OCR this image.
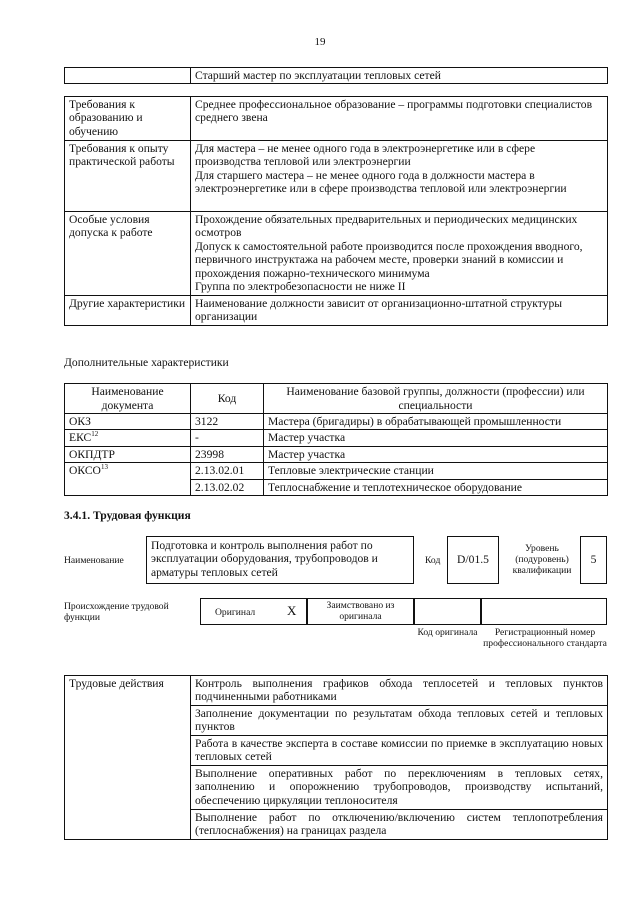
19
	Старший мастер по эксплуатации тепловых сетей
Требования к образованию и обучению	Среднее профессиональное образование – программы подготовки специалистов среднего звена

Требования к опыту практической работы	Для мастера – не менее одного года в электроэнергетике или в сфере производства тепловой или электроэнергии

Для старшего мастера – не менее одного года в должности мастера в электроэнергетике или в сфере производства тепловой или электроэнергии

Особые условия допуска к работе	Прохождение обязательных предварительных и периодических медицинских осмотров

Допуск к самостоятельной работе производится после прохождения вводного, первичного инструктажа на рабочем месте, проверки знаний в комиссии и прохождения пожарно-технического минимума

Группа по электробезопасности не ниже II

Другие характеристики	Наименование должности зависит от организационно-штатной структуры организации

Дополнительные характеристики
Наименование документа	Код	Наименование базовой группы, должности (профессии) или специальности
ОКЗ	3122	Мастера (бригадиры) в обрабатывающей промышленности
ЕКС$^{12}$	-	Мастер участка
ОКПДТР	23998	Мастер участка
ОКСО$^{13}$	2.13.02.01	Тепловые электрические станции
	2.13.02.02	Теплоснабжение и теплотехническое оборудование
3.4.1. Трудовая функция
Наименование
Подготовка и контроль выполнения работ по эксплуатации оборудования, трубопроводов и арматуры тепловых сетей
Код D/01.5
Уровень (подуровень) квалификации
5
Происхождение трудовой функции	Оригинал X	Заимствовано из оригинала
Код оригинала	Регистрационный номер профессионального стандарта
Трудовые действия	Контроль выполнения графиков обхода теплосетей и тепловых пунктов подчиненными работниками
Заполнение документации по результатам обхода тепловых сетей и тепловых пунктов
Работа в качестве эксперта в составе комиссии по приемке в эксплуатацию новых тепловых сетей
Выполнение оперативных работ по переключениям в тепловых сетях, заполнению и опорожнению трубопроводов, производству испытаний, обеспечению циркуляции теплоносителя
Выполнение работ по отключению/включению систем теплопотребления (теплоснабжения) на границах раздела
